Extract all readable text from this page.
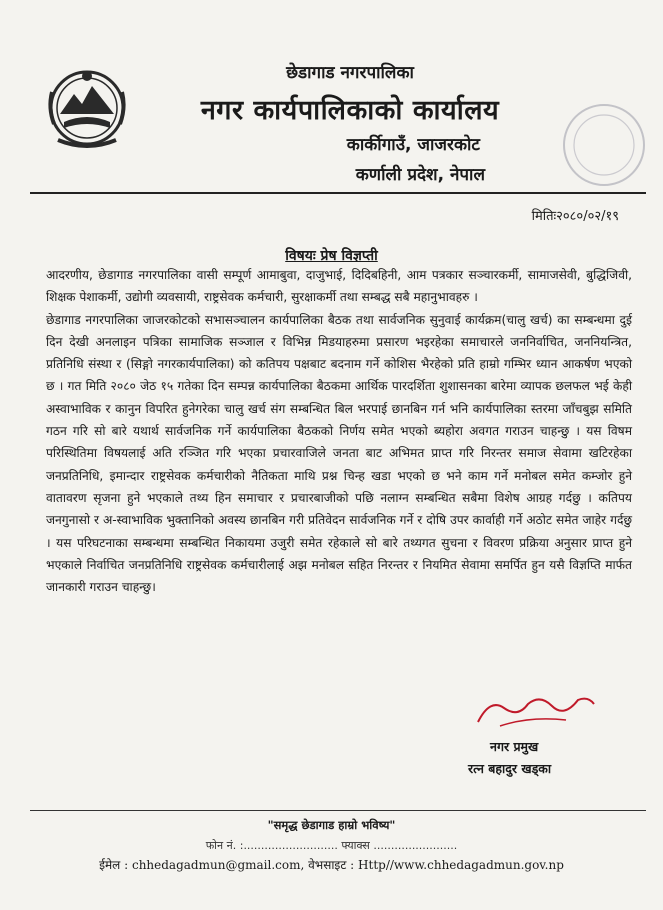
छेडागाड नगरपालिका
नगर कार्यपालिकाको कार्यालय
कार्कीगाउँ, जाजरकोट
कर्णाली प्रदेश, नेपाल
मितिः२०८०/०२/१९
विषयः प्रेष विज्ञप्ती

आदरणीय, छेडागाड नगरपालिका वासी सम्पूर्ण आमाबुवा, दाजुभाई, दिदिबहिनी, आम पत्रकार सञ्चारकर्मी, सामाजसेवी, बुद्धिजिवी, शिक्षक पेशाकर्मी, उद्योगी व्यवसायी, राष्ट्रसेवक कर्मचारी, सुरक्षाकर्मी तथा सम्बद्ध सबै महानुभावहरु ।

छेडागाड नगरपालिका जाजरकोटको सभासञ्चालन कार्यपालिका बैठक तथा सार्वजनिक सुनुवाई कार्यक्रम(चालु खर्च) का सम्बन्धमा दुई दिन देखी अनलाइन पत्रिका सामाजिक सञ्जाल र विभिन्न मिडयाहरुमा प्रसारण भइरहेका समाचारले जननिर्वाचित, जननियन्त्रित, प्रतिनिधि संस्था र (सिङ्गो नगरकार्यपालिका) को कतिपय पक्षबाट बदनाम गर्ने कोशिस भैरहेको प्रति हाम्रो गम्भिर ध्यान आकर्षण भएको छ । गत मिति २०८० जेठ १५ गतेका दिन सम्पन्न कार्यपालिका बैठकमा आर्थिक पारदर्शिता शुशासनका बारेमा व्यापक छलफल भई केही अस्वाभाविक र कानुन विपरित हुनेगरेका चालु खर्च संग सम्बन्धित बिल भरपाई छानबिन गर्न भनि कार्यपालिका स्तरमा जाँचबुझ समिति गठन गरि सो बारे यथार्थ सार्वजनिक गर्ने कार्यपालिका बैठकको निर्णय समेत भएको ब्यहोरा अवगत गराउन चाहन्छु । यस विषम परिस्थितिमा विषयलाई अति रञ्जित गरि भएका प्रचारवाजिले जनता बाट अभिमत प्राप्त गरि निरन्तर समाज सेवामा खटिरहेका जनप्रतिनिधि, इमान्दार राष्ट्रसेवक कर्मचारीको नैतिकता माथि प्रश्न चिन्ह खडा भएको छ भने काम गर्ने मनोबल समेत कम्जोर हुने वातावरण सृजना हुने भएकाले तथ्य हिन समाचार र प्रचारबाजीको पछि नलाग्न सम्बन्धित सबैमा विशेष आग्रह गर्दछु । कतिपय जनगुनासो र अ-स्वाभाविक भुक्तानिको अवस्य छानबिन गरी प्रतिवेदन सार्वजनिक गर्ने र दोषि उपर कार्वाही गर्ने अठोट समेत जाहेर गर्दछु । यस परिघटनाका सम्बन्धमा सम्बन्धित निकायमा उजुरी समेत रहेकाले सो बारे तथ्यगत सुचना र विवरण प्रक्रिया अनुसार प्राप्त हुने भएकाले निर्वाचित जनप्रतिनिधि राष्ट्रसेवक कर्मचारीलाई अझ मनोबल सहित निरन्तर र नियमित सेवामा समर्पित हुन यसै विज्ञप्ति मार्फत जानकारी गराउन चाहन्छु।

नगर प्रमुख
रत्न बहादुर खड्का
"समृद्ध छेडागाड हाम्रो भविष्य"
फोन नं. :........................... फ्याक्स ........................
ईमेल : chhedagadmun@gmail.com, वेभसाइट : Http//www.chhedagadmun.gov.np
